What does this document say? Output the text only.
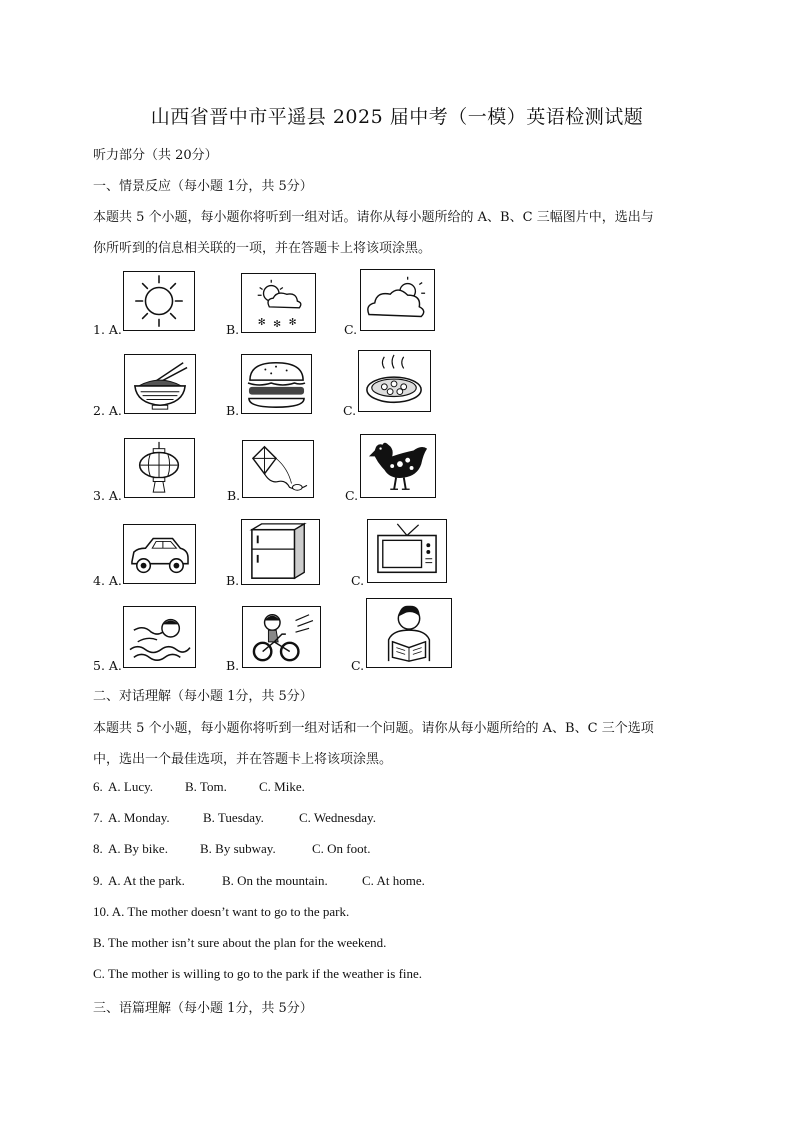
山西省晋中市平遥县 2025 届中考（一模）英语检测试题
听力部分（共 20分）
一、情景反应（每小题 1分，共 5分）
本题共 5 个小题，每小题你将听到一组对话。请你从每小题所给的 A、B、C 三幅图片中，选出与
你所听到的信息相关联的一项，并在答题卡上将该项涂黑。
1. A.	B. ✻ ✻ ✻	C.
2. A.	B.	C.
3. A.	B.	C.
4. A.	B.	C.
5. A.	B.	C.
二、对话理解（每小题 1分，共 5分）
本题共 5 个小题，每小题你将听到一组对话和一个问题。请你从每小题所给的 A、B、C 三个选项
中，选出一个最佳选项，并在答题卡上将该项涂黑。
6. A. Lucy. B. Tom. C. Mike.
7. A. Monday.	B. Tuesday.	C. Wednesday.
8. A. By bike. B. By subway.	C. On foot.
9. A. At the park.	B. On the mountain.	C. At home.
10. A. The mother doesn’t want to go to the park.
B. The mother isn’t sure about the plan for the weekend.
C. The mother is willing to go to the park if the weather is fine.
三、语篇理解（每小题 1分，共 5分）
